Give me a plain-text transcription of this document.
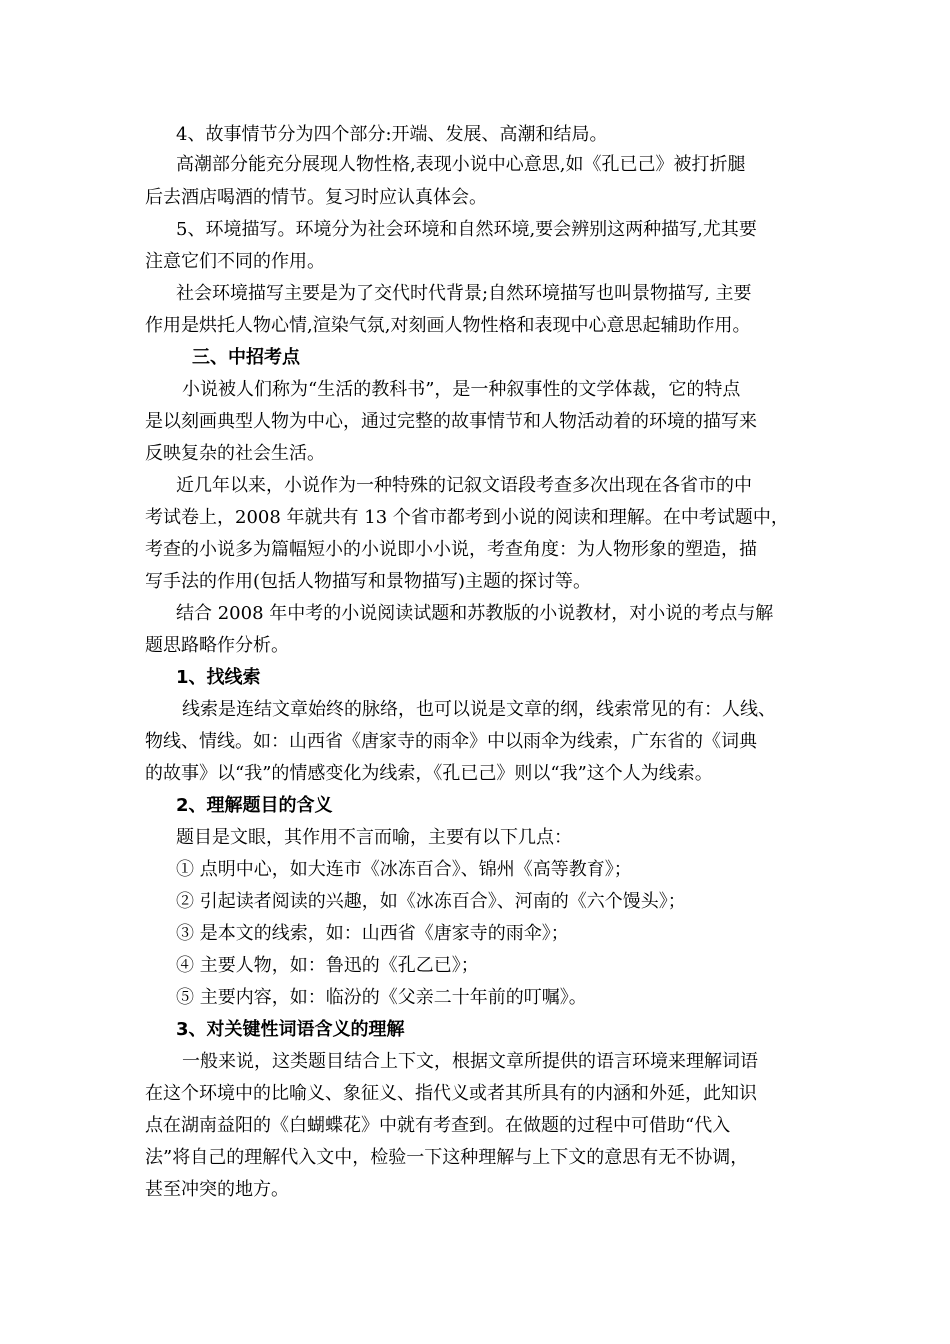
4、故事情节分为四个部分:开端、发展、高潮和结局。
高潮部分能充分展现人物性格,表现小说中心意思,如《孔已己》被打折腿
后去酒店喝酒的情节。复习时应认真体会。
5、环境描写。环境分为社会环境和自然环境,要会辨别这两种描写,尤其要
注意它们不同的作用。
社会环境描写主要是为了交代时代背景;自然环境描写也叫景物描写, 主要
作用是烘托人物心情,渲染气氛,对刻画人物性格和表现中心意思起辅助作用。
三、中招考点
小说被人们称为“生活的教科书”，是一种叙事性的文学体裁，它的特点
是以刻画典型人物为中心，通过完整的故事情节和人物活动着的环境的描写来
反映复杂的社会生活。
近几年以来，小说作为一种特殊的记叙文语段考查多次出现在各省市的中
考试卷上，2008 年就共有 13 个省市都考到小说的阅读和理解。在中考试题中，
考查的小说多为篇幅短小的小说即小小说，考查角度：为人物形象的塑造，描
写手法的作用(包括人物描写和景物描写)主题的探讨等。
结合 2008 年中考的小说阅读试题和苏教版的小说教材，对小说的考点与解
题思路略作分析。
1、找线索
线索是连结文章始终的脉络，也可以说是文章的纲，线索常见的有：人线、
物线、情线。如：山西省《唐家寺的雨伞》中以雨伞为线索，广东省的《词典
的故事》以“我”的情感变化为线索，《孔已己》则以“我”这个人为线索。
2、理解题目的含义
题目是文眼，其作用不言而喻，主要有以下几点：
① 点明中心，如大连市《冰冻百合》、锦州《高等教育》；
② 引起读者阅读的兴趣，如《冰冻百合》、河南的《六个馒头》；
③ 是本文的线索，如：山西省《唐家寺的雨伞》；
④ 主要人物，如：鲁迅的《孔乙已》；
⑤ 主要内容，如：临汾的《父亲二十年前的叮嘱》。
3、对关键性词语含义的理解
一般来说，这类题目结合上下文，根据文章所提供的语言环境来理解词语
在这个环境中的比喻义、象征义、指代义或者其所具有的内涵和外延，此知识
点在湖南益阳的《白蝴蝶花》中就有考查到。在做题的过程中可借助“代入
法”将自己的理解代入文中，检验一下这种理解与上下文的意思有无不协调，
甚至冲突的地方。
